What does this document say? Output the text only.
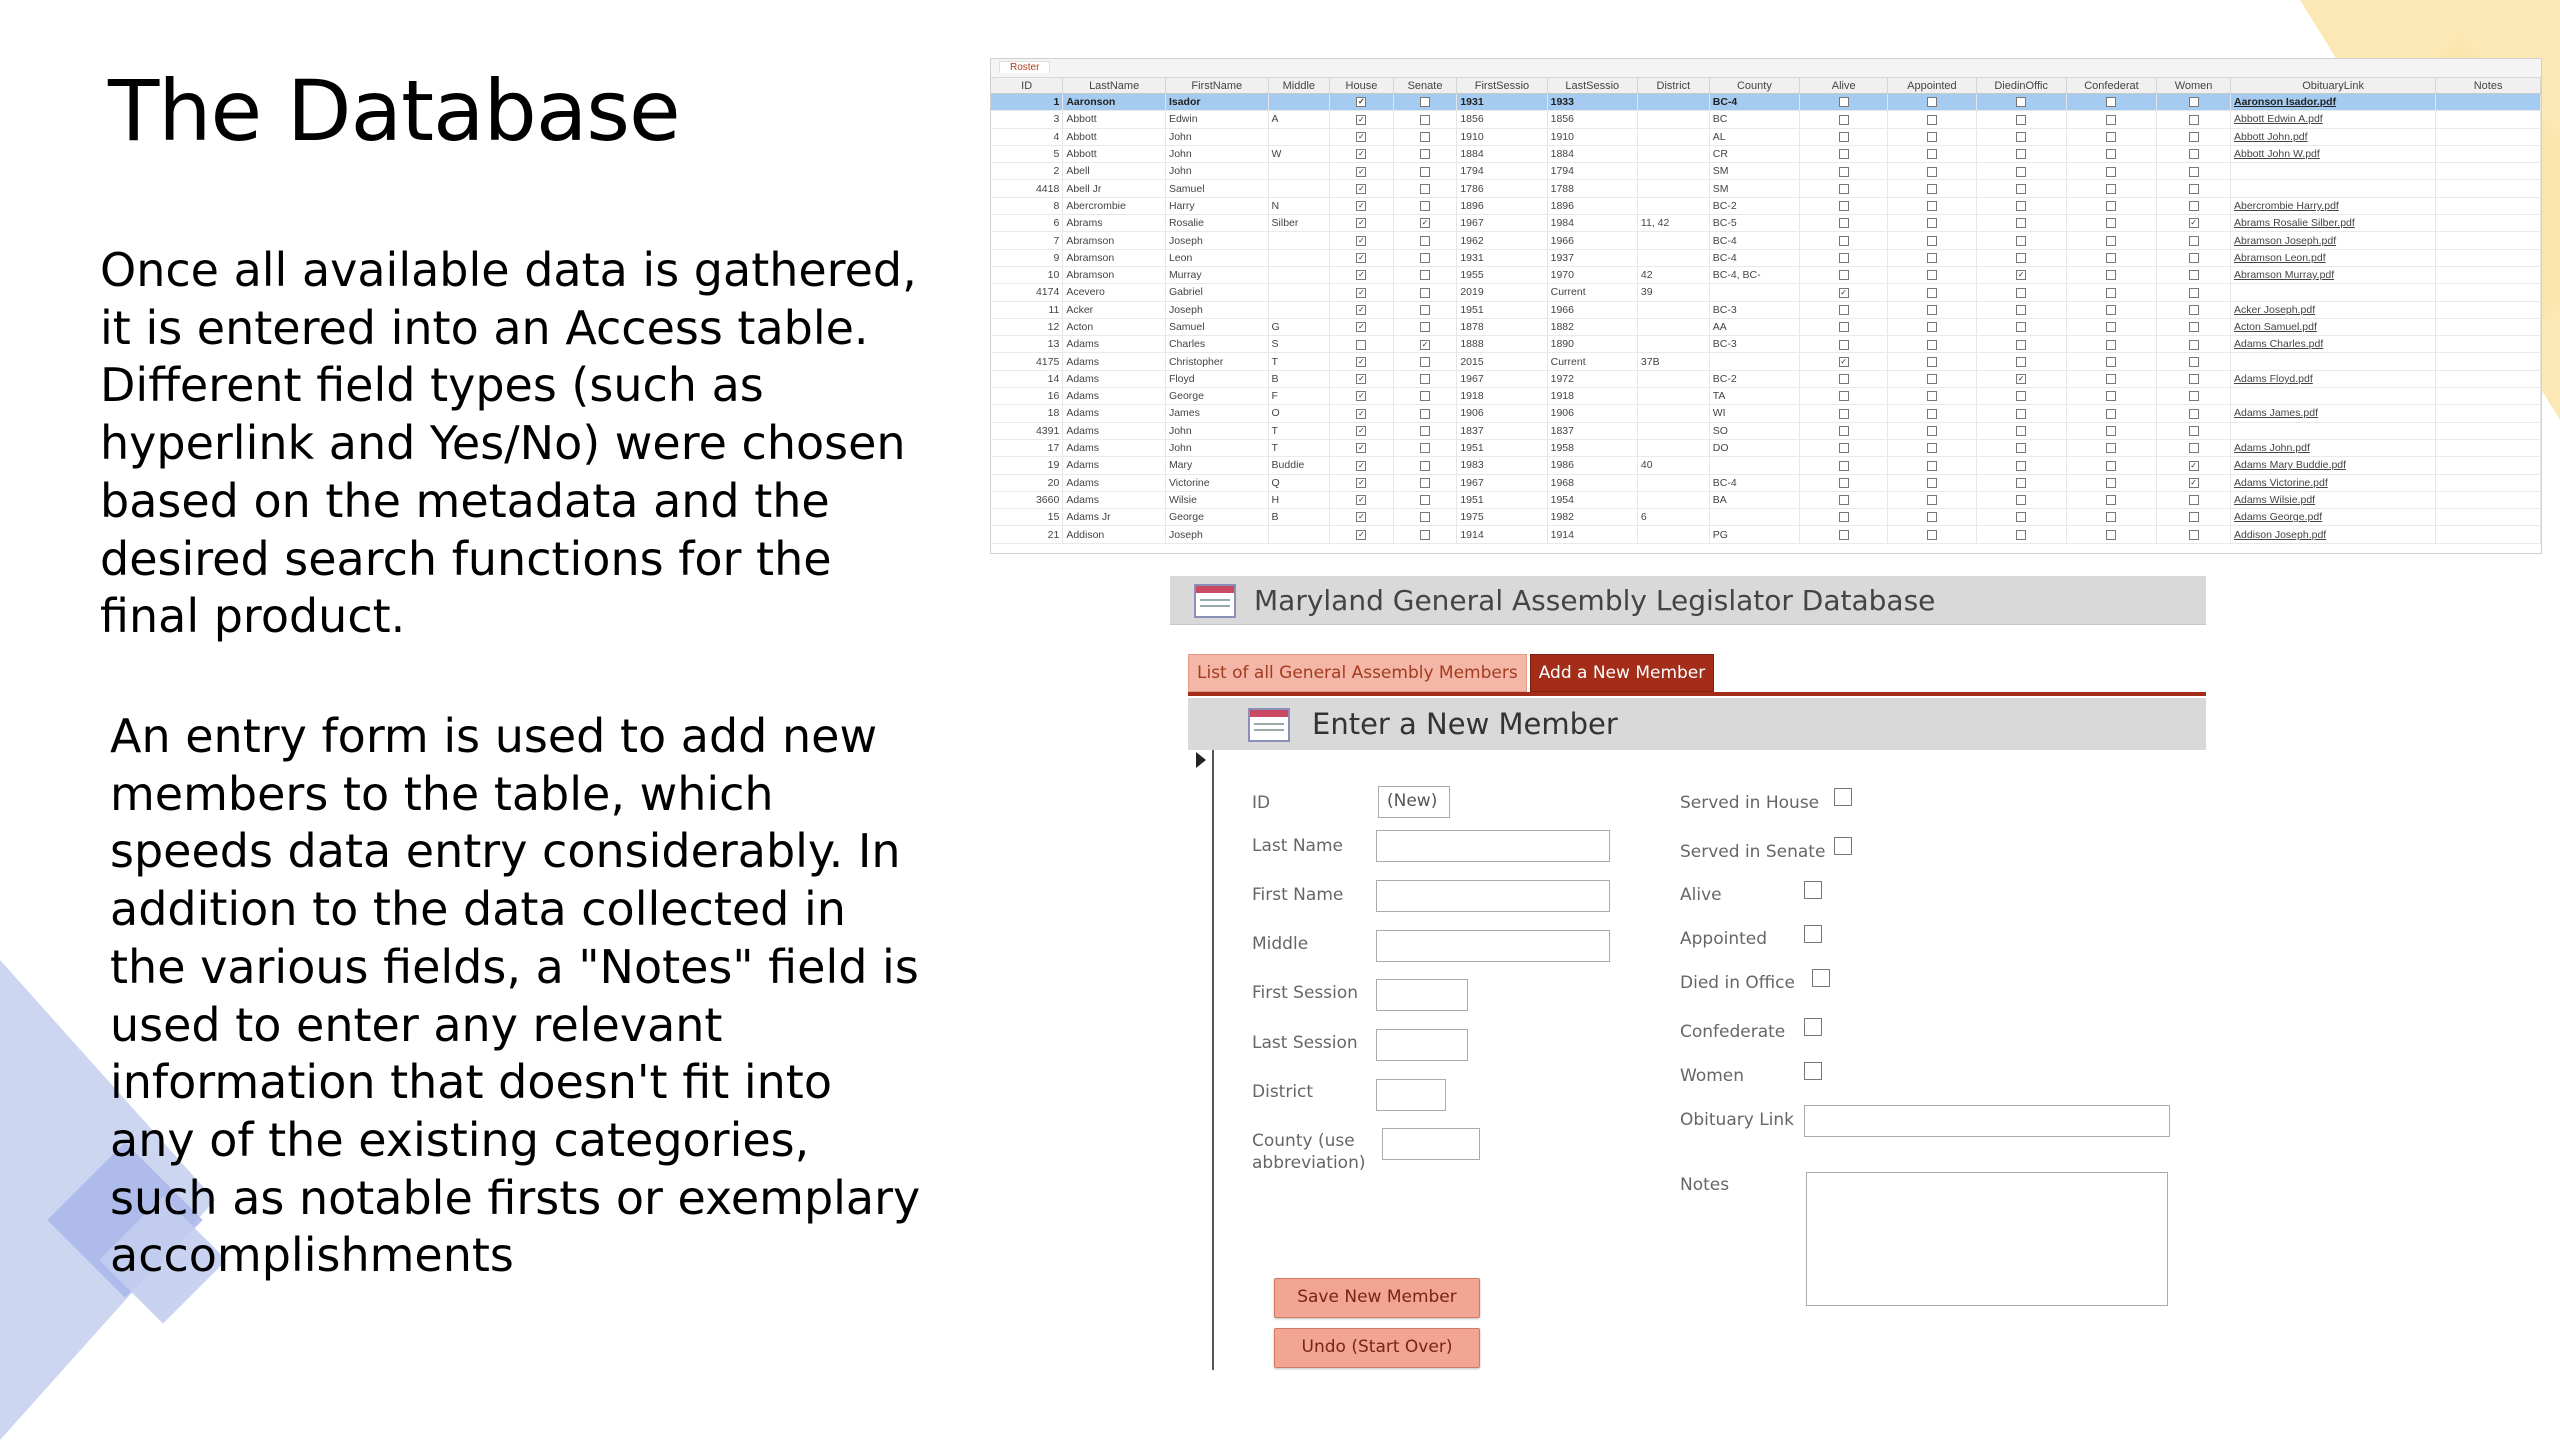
The Database
Once all available data is gathered, it is entered into an Access table. Different field types (such as hyperlink and Yes/No) were chosen based on the metadata and the desired search functions for the final product.
An entry form is used to add new members to the table, which speeds data entry considerably. In addition to the data collected in the various fields, a "Notes" field is used to enter any relevant information that doesn't fit into any of the existing categories, such as notable firsts or exemplary accomplishments
Roster
ID	LastName	FirstName	Middle	House	Senate	FirstSessio	LastSessio	District	County	Alive	Appointed	DiedinOffic	Confederat	Women	ObituaryLink	Notes
1	Aaronson	Isador		✓		1931	1933		BC-4						Aaronson Isador.pdf	
3	Abbott	Edwin	A	✓		1856	1856		BC						Abbott Edwin A.pdf	
4	Abbott	John		✓		1910	1910		AL						Abbott John.pdf	
5	Abbott	John	W	✓		1884	1884		CR						Abbott John W.pdf	
2	Abell	John		✓		1794	1794		SM							
4418	Abell Jr	Samuel		✓		1786	1788		SM							
8	Abercrombie	Harry	N	✓		1896	1896		BC-2						Abercrombie Harry.pdf	
6	Abrams	Rosalie	Silber	✓	✓	1967	1984	11, 42	BC-5					✓	Abrams Rosalie Silber.pdf	
7	Abramson	Joseph		✓		1962	1966		BC-4						Abramson Joseph.pdf	
9	Abramson	Leon		✓		1931	1937		BC-4						Abramson Leon.pdf	
10	Abramson	Murray		✓		1955	1970	42	BC-4, BC-			✓			Abramson Murray.pdf	
4174	Acevero	Gabriel		✓		2019	Current	39		✓						
11	Acker	Joseph		✓		1951	1966		BC-3						Acker Joseph.pdf	
12	Acton	Samuel	G	✓		1878	1882		AA						Acton Samuel.pdf	
13	Adams	Charles	S		✓	1888	1890		BC-3						Adams Charles.pdf	
4175	Adams	Christopher	T	✓		2015	Current	37B		✓						
14	Adams	Floyd	B	✓		1967	1972		BC-2			✓			Adams Floyd.pdf	
16	Adams	George	F	✓		1918	1918		TA							
18	Adams	James	O	✓		1906	1906		WI						Adams James.pdf	
4391	Adams	John	T	✓		1837	1837		SO							
17	Adams	John	T	✓		1951	1958		DO						Adams John.pdf	
19	Adams	Mary	Buddie	✓		1983	1986	40						✓	Adams Mary Buddie.pdf	
20	Adams	Victorine	Q	✓		1967	1968		BC-4					✓	Adams Victorine.pdf	
3660	Adams	Wilsie	H	✓		1951	1954		BA						Adams Wilsie.pdf	
15	Adams Jr	George	B	✓		1975	1982	6							Adams George.pdf	
21	Addison	Joseph		✓		1914	1914		PG						Addison Joseph.pdf	
Maryland General Assembly Legislator Database
List of all General Assembly Members Add a New Member
Enter a New Member
ID	(New)
Last Name
First Name
Middle
First Session
Last Session
District
County (use abbreviation)
Served in House
Served in Senate
Alive
Appointed
Died in Office
Confederate
Women
Obituary Link
Notes
Save New Member
Undo (Start Over)
